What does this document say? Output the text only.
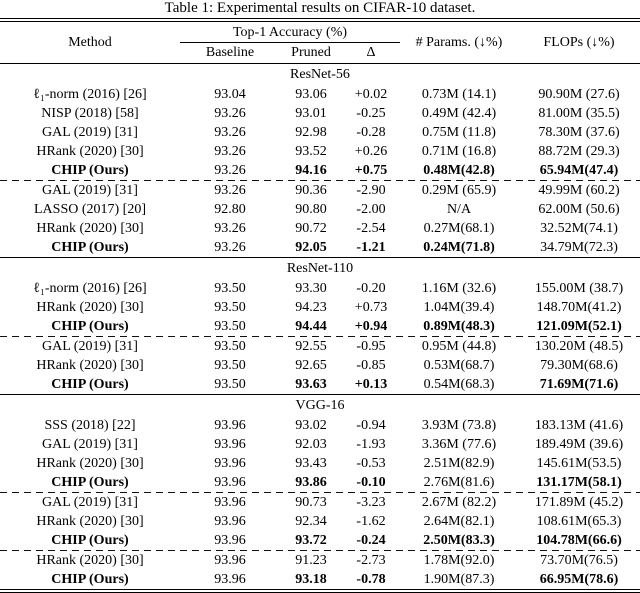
Table 1: Experimental results on CIFAR-10 dataset.
Method
Top-1 Accuracy (%)
Baseline	Pruned	Δ
# Params. (↓%)	FLOPs (↓%)
ResNet-56
ℓ₁-norm (2016) [26]	93.04	93.06	+0.02	0.73M (14.1)	90.90M (27.6)
NISP (2018) [58]	93.26	93.01	-0.25	0.49M (42.4)	81.00M (35.5)
GAL (2019) [31]	93.26	92.98	-0.28	0.75M (11.8)	78.30M (37.6)
HRank (2020) [30]	93.26	93.52	+0.26	0.71M (16.8)	88.72M (29.3)
CHIP (Ours)	93.26	94.16	+0.75	0.48M(42.8)	65.94M(47.4)
GAL (2019) [31]	93.26	90.36	-2.90	0.29M (65.9)	49.99M (60.2)
LASSO (2017) [20]	92.80	90.80	-2.00	N/A	62.00M (50.6)
HRank (2020) [30]	93.26	90.72	-2.54	0.27M(68.1)	32.52M(74.1)
CHIP (Ours)	93.26	92.05	-1.21	0.24M(71.8)	34.79M(72.3)
ResNet-110
ℓ₁-norm (2016) [26]	93.50	93.30	-0.20	1.16M (32.6)	155.00M (38.7)
HRank (2020) [30]	93.50	94.23	+0.73	1.04M(39.4)	148.70M(41.2)
CHIP (Ours)	93.50	94.44	+0.94	0.89M(48.3)	121.09M(52.1)
GAL (2019) [31]	93.50	92.55	-0.95	0.95M (44.8)	130.20M (48.5)
HRank (2020) [30]	93.50	92.65	-0.85	0.53M(68.7)	79.30M(68.6)
CHIP (Ours)	93.50	93.63	+0.13	0.54M(68.3)	71.69M(71.6)
VGG-16
SSS (2018) [22]	93.96	93.02	-0.94	3.93M (73.8)	183.13M (41.6)
GAL (2019) [31]	93.96	92.03	-1.93	3.36M (77.6)	189.49M (39.6)
HRank (2020) [30]	93.96	93.43	-0.53	2.51M(82.9)	145.61M(53.5)
CHIP (Ours)	93.96	93.86	-0.10	2.76M(81.6)	131.17M(58.1)
GAL (2019) [31]	93.96	90.73	-3.23	2.67M (82.2)	171.89M (45.2)
HRank (2020) [30]	93.96	92.34	-1.62	2.64M(82.1)	108.61M(65.3)
CHIP (Ours)	93.96	93.72	-0.24	2.50M(83.3)	104.78M(66.6)
HRank (2020) [30]	93.96	91.23	-2.73	1.78M(92.0)	73.70M(76.5)
CHIP (Ours)	93.96	93.18	-0.78	1.90M(87.3)	66.95M(78.6)
